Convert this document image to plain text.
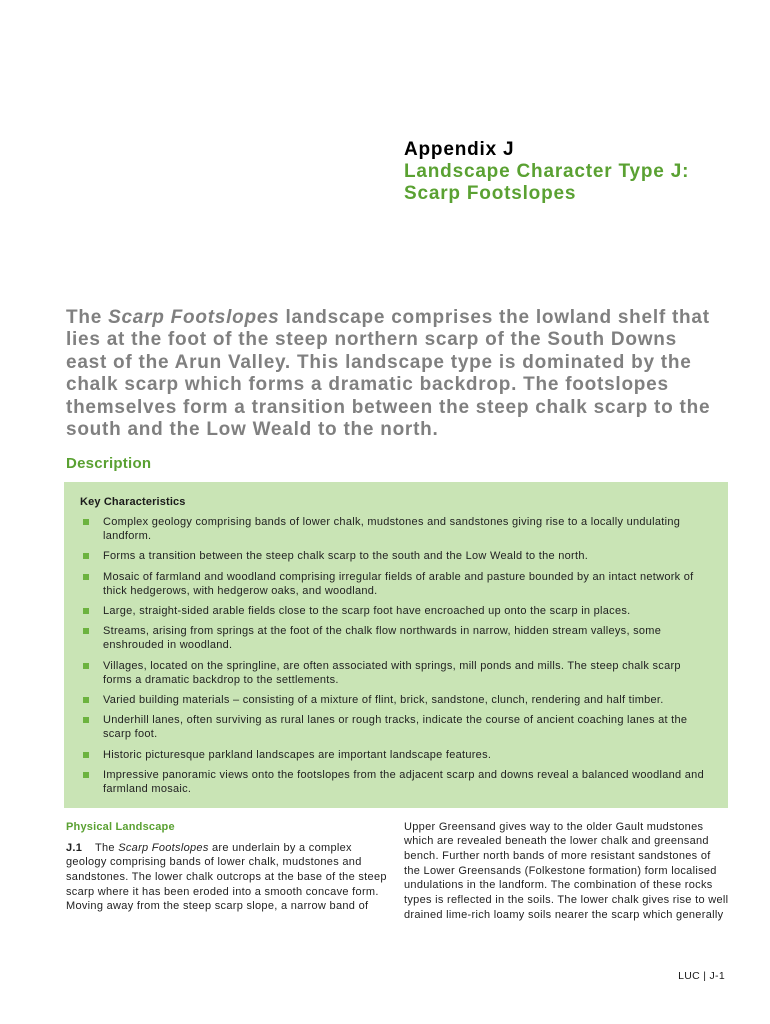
Appendix J
Landscape Character Type J:
Scarp Footslopes

The Scarp Footslopes landscape comprises the lowland shelf that lies at the foot of the steep northern scarp of the South Downs east of the Arun Valley. This landscape type is dominated by the chalk scarp which forms a dramatic backdrop. The footslopes themselves form a transition between the steep chalk scarp to the south and the Low Weald to the north.

Description
Key Characteristics
Complex geology comprising bands of lower chalk, mudstones and sandstones giving rise to a locally undulating landform.
Forms a transition between the steep chalk scarp to the south and the Low Weald to the north.
Mosaic of farmland and woodland comprising irregular fields of arable and pasture bounded by an intact network of thick hedgerows, with hedgerow oaks, and woodland.
Large, straight-sided arable fields close to the scarp foot have encroached up onto the scarp in places.
Streams, arising from springs at the foot of the chalk flow northwards in narrow, hidden stream valleys, some enshrouded in woodland.
Villages, located on the springline, are often associated with springs, mill ponds and mills. The steep chalk scarp forms a dramatic backdrop to the settlements.
Varied building materials – consisting of a mixture of flint, brick, sandstone, clunch, rendering and half timber.
Underhill lanes, often surviving as rural lanes or rough tracks, indicate the course of ancient coaching lanes at the scarp foot.
Historic picturesque parkland landscapes are important landscape features.
Impressive panoramic views onto the footslopes from the adjacent scarp and downs reveal a balanced woodland and farmland mosaic.
Physical Landscape

J.1 The Scarp Footslopes are underlain by a complex geology comprising bands of lower chalk, mudstones and sandstones. The lower chalk outcrops at the base of the steep scarp where it has been eroded into a smooth concave form. Moving away from the steep scarp slope, a narrow band of

Upper Greensand gives way to the older Gault mudstones which are revealed beneath the lower chalk and greensand bench. Further north bands of more resistant sandstones of the Lower Greensands (Folkestone formation) form localised undulations in the landform. The combination of these rocks types is reflected in the soils. The lower chalk gives rise to well drained lime-rich loamy soils nearer the scarp which generally

LUC | J-1
